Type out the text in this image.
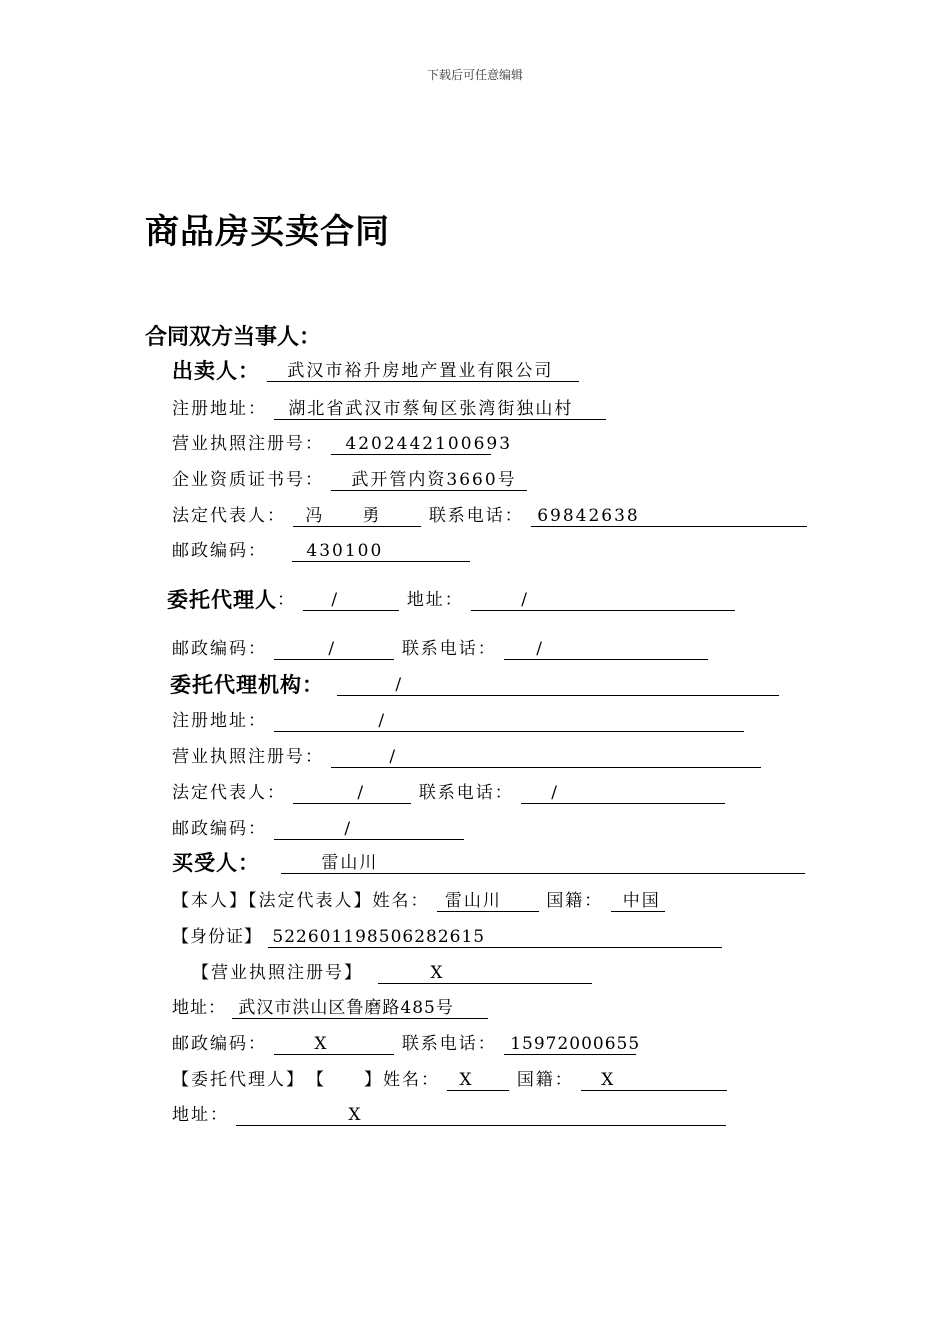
下载后可任意编辑
商品房买卖合同
合同双方当事人：
出卖人： 武汉市裕升房地产置业有限公司
注册地址： 湖北省武汉市蔡甸区张湾街独山村
营业执照注册号： 4202442100693
企业资质证书号： 武开管内资3660号
法定代表人： 冯　　勇	联系电话： 69842638
邮政编码： 430100
委托代理人： /	地址：	/
邮政编码：	/	联系电话： /
委托代理机构：	/
注册地址：	/
营业执照注册号：	/
法定代表人：	/	联系电话： /
邮政编码：	/
买受人：	雷山川
【本人】【法定代表人】姓名： 雷山川	国籍： 中国
【身份证】 522601198506282615
【营业执照注册号】	X
地址： 武汉市洪山区鲁磨路485号
邮政编码：	X	联系电话： 15972000655
【委托代理人】　【　　】姓名： X	国籍： X
地址：	X
